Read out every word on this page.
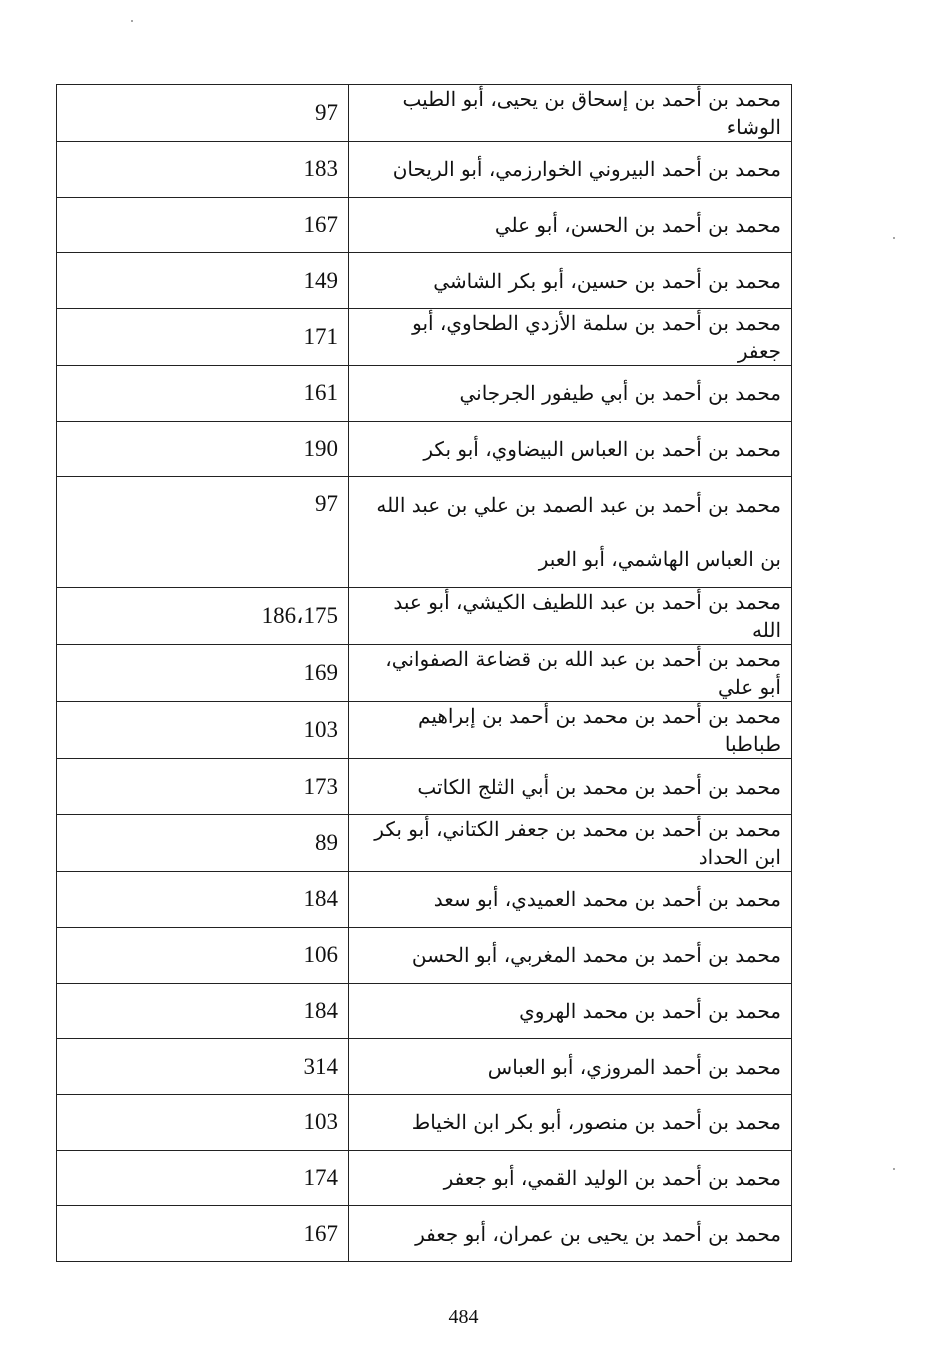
97	محمد بن أحمد بن إسحاق بن يحيى، أبو الطيب الوشاء
183	محمد بن أحمد البيروني الخوارزمي، أبو الريحان
167	محمد بن أحمد بن الحسن، أبو علي
149	محمد بن أحمد بن حسين، أبو بكر الشاشي
171	محمد بن أحمد بن سلمة الأزدي الطحاوي، أبو جعفر
161	محمد بن أحمد بن أبي طيفور الجرجاني
190	محمد بن أحمد بن العباس البيضاوي، أبو بكر
97	محمد بن أحمد بن عبد الصمد بن علي بن عبد الله بن العباس الهاشمي، أبو العبر
186،175	محمد بن أحمد بن عبد اللطيف الكيشي، أبو عبد الله
169	محمد بن أحمد بن عبد الله بن قضاعة الصفواني، أبو علي
103	محمد بن أحمد بن محمد بن أحمد بن إبراهيم طباطبا
173	محمد بن أحمد بن محمد بن أبي الثلج الكاتب
89	محمد بن أحمد بن محمد بن جعفر الكتاني، أبو بكر ابن الحداد
184	محمد بن أحمد بن محمد العميدي، أبو سعد
106	محمد بن أحمد بن محمد المغربي، أبو الحسن
184	محمد بن أحمد بن محمد الهروي
314	محمد بن أحمد المروزي، أبو العباس
103	محمد بن أحمد بن منصور، أبو بكر ابن الخياط
174	محمد بن أحمد بن الوليد القمي، أبو جعفر
167	محمد بن أحمد بن يحيى بن عمران، أبو جعفر
484
